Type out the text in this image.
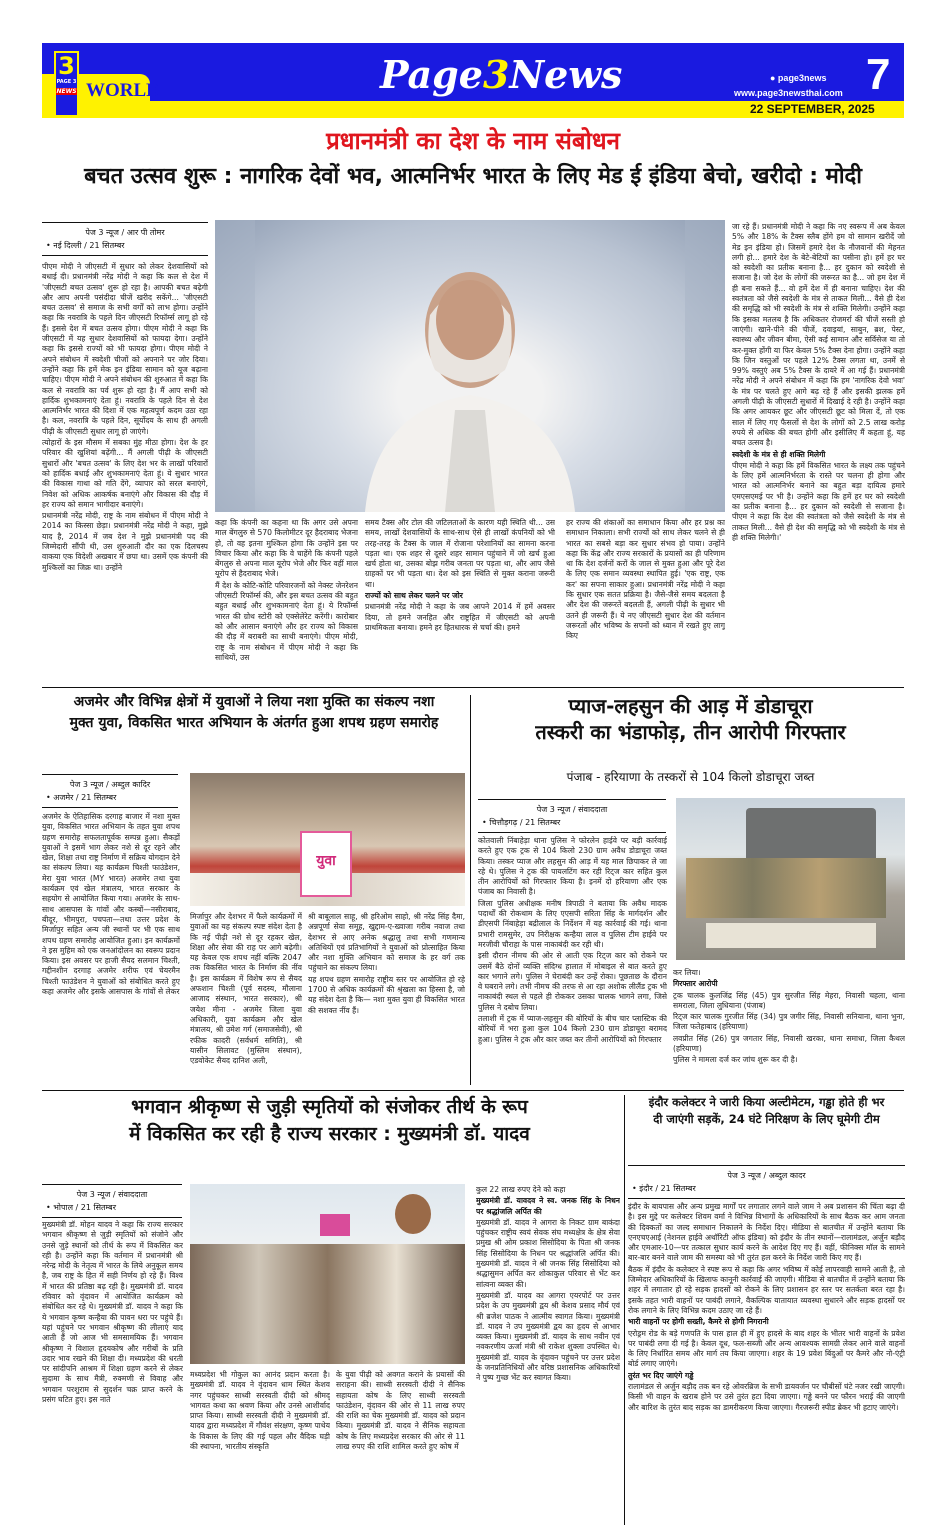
3
PAGE 3
NEWS WORLD	Page3News	● page3news
www.page3newsthai.com 7
22 SEPTEMBER, 2025
प्रधानमंत्री का देश के नाम संबोधन
बचत उत्सव शुरू : नागरिक देवों भव, आत्मनिर्भर भारत के लिए मेड ई इंडिया बेचो, खरीदो : मोदी
पेज 3 न्यूज / आर पी तोमर
• नई दिल्ली / 21 सितम्बर

पीएम मोदी ने जीएसटी में सुधार को लेकर देशवासियों को बधाई दी। प्रधानमंत्री नरेंद्र मोदी ने कहा कि कल से देश में 'जीएसटी बचत उत्सव' शुरू हो रहा है। आपकी बचत बढ़ेगी और आप अपनी पसंदीदा चीजें खरीद सकेंगे... 'जीएसटी बचत उत्सव' से समाज के सभी वर्गों को लाभ होगा। उन्होंने कहा कि नवरात्रि के पहले दिन जीएसटी रिफॉर्म्स लागू हो रहे हैं। इससे देश में बचत उत्सव होगा। पीएम मोदी ने कहा कि जीएसटी में यह सुधार देशवासियों को फायदा देगा। उन्होंने कहा कि इससे राज्यों को भी फायदा होगा। पीएम मोदी ने अपने संबोधन में स्वदेशी चीजों को अपनाने पर जोर दिया। उन्होंने कहा कि हमें मेक इन इंडिया सामान को यूज बढ़ाना चाहिए। पीएम मोदी ने अपने संबोधन की शुरुआत में कहा कि कल से नवरात्रि का पर्व शुरू हो रहा है। मैं आप सभी को हार्दिक शुभकामनाएं देता हूं। नवरात्रि के पहले दिन से देश आत्मनिर्भर भारत की दिशा में एक महत्वपूर्ण कदम उठा रहा है। कल, नवरात्रि के पहले दिन, सूर्योदय के साथ ही अगली पीढ़ी के जीएसटी सुधार लागू हो जाएंगे।

त्योहारों के इस मौसम में सबका मुंह मीठा होगा। देश के हर परिवार की खुशियां बढ़ेंगी... मैं अगली पीढ़ी के जीएसटी सुधारों और 'बचत उत्सव' के लिए देश भर के लाखों परिवारों को हार्दिक बधाई और शुभकामनाएं देता हूं। ये सुधार भारत की विकास गाथा को गति देंगे, व्यापार को सरल बनाएंगे, निवेश को अधिक आकर्षक बनाएंगे और विकास की दौड़ में हर राज्य को समान भागीदार बनाएंगे।

प्रधानमंत्री नरेंद्र मोदी, राष्ट्र के नाम संबोधन में पीएम मोदी ने 2014 का किस्सा छेड़ा। प्रधानमंत्री नरेंद्र मोदी ने कहा, मुझे याद है, 2014 में जब देश ने मुझे प्रधानमंत्री पद की जिम्मेदारी सौंपी थी, उस शुरुआती दौर का एक दिलचस्प वाकया एक विदेशी अखबार में छपा था। उसमें एक कंपनी की मुश्किलों का जिक्र था। उन्होंने

कहा कि कंपनी का कहना था कि अगर उसे अपना माल बेंगलुरु से 570 किलोमीटर दूर हैदराबाद भेजना हो, तो वह इतना मुश्किल होगा कि उन्होंने इस पर विचार किया और कहा कि वे चाहेंगे कि कंपनी पहले बेंगलुरु से अपना माल यूरोप भेजे और फिर वहीं माल यूरोप से हैदराबाद भेजे।

मैं देश के कोटि-कोटि परिवारजनों को नेक्स्ट जेनरेशन जीएसटी रिफॉर्म्स की, और इस बचत उत्सव की बहुत बहुत बधाई और शुभकामनाएं देता हूं। ये रिफॉर्म्स भारत की ग्रोथ स्टोरी को एक्सेलेरेट करेंगी। कारोबार को और आसान बनाएंगे और हर राज्य को विकास की दौड़ में बराबरी का साथी बनाएंगे। पीएम मोदी, राष्ट्र के नाम संबोधन में पीएम मोदी ने कहा कि साथियों, उस

समय टैक्स और टोल की जटिलताओं के कारण यही स्थिति थी... उस समय, लाखों देशवासियों के साथ-साथ ऐसे ही लाखों कंपनियों को भी तरह-तरह के टैक्स के जाल में रोजाना परेशानियों का सामना करना पड़ता था। एक शहर से दूसरे शहर सामान पहुंचाने में जो खर्च हुआ खर्च होता था, उसका बोझ गरीब जनता पर पड़ता था, और आप जैसे ग्राहकों पर भी पड़ता था। देश को इस स्थिति से मुक्त कराना जरूरी था।

राज्यों को साथ लेकर चलने पर जोर

प्रधानमंत्री नरेंद्र मोदी ने कहा के जब आपने 2014 में हमें अवसर दिया, तो हमने जनहित और राष्ट्रहित में जीएसटी को अपनी प्राथमिकता बनाया। हमने हर हितधारक से चर्चा की। हमने

हर राज्य की शंकाओं का समाधान किया और हर प्रश्न का समाधान निकाला। सभी राज्यों को साथ लेकर चलने से ही भारत का सबसे बड़ा कर सुधार संभव हो पाया। उन्होंने कहा कि केंद्र और राज्य सरकारों के प्रयासों का ही परिणाम था कि देश दर्जनों करों के जाल से मुक्त हुआ और पूरे देश के लिए एक समान व्यवस्था स्थापित हुई। 'एक राष्ट्र, एक कर' का सपना साकार हुआ। प्रधानमंत्री नरेंद्र मोदी ने कहा कि सुधार एक सतत प्रक्रिया है। जैसे-जैसे समय बदलता है और देश की जरूरतें बदलती हैं, अगली पीढ़ी के सुधार भी उतने ही जरूरी हैं। ये नए जीएसटी सुधार देश की वर्तमान जरूरतों और भविष्य के सपनों को ध्यान में रखते हुए लागू किए

जा रहे हैं। प्रधानमंत्री मोदी ने कहा कि नए स्वरूप में अब केवल 5% और 18% के टैक्स स्लैब होंगे हम वो सामान खरीदें जो मेड इन इंडिया हो। जिसमें हमारे देश के नौजवानों की मेहनत लगी हो... हमारे देश के बेटे-बेटियों का पसीना हो। हमें हर घर को स्वदेशी का प्रतीक बनाना है... हर दुकान को स्वदेशी से सजाना है। जो देश के लोगों की जरूरत का है... जो हम देश में ही बना सकते हैं... वो हमें देश में ही बनाना चाहिए। देश की स्वतंत्रता को जैसे स्वदेशी के मंत्र से ताकत मिली... वैसे ही देश की समृद्धि को भी स्वदेशी के मंत्र से शक्ति मिलेगी। उन्होंने कहा कि इसका मतलब है कि अधिकतर रोजमर्रा की चीजें सस्ती हो जाएंगी। खाने-पीने की चीजें, दवाइयां, साबुन, ब्रश, पेस्ट, स्वास्थ्य और जीवन बीमा, ऐसी कई सामान और सर्विसेज या तो कर-मुक्त होंगी या फिर केवल 5% टैक्स देना होगा। उन्होंने कहा कि जिन वस्तुओं पर पहले 12% टैक्स लगता था, उनमें से 99% वस्तुएं अब 5% टैक्स के दायरे में आ गई हैं। प्रधानमंत्री नरेंद्र मोदी ने अपने संबोधन में कहा कि हम 'नागरिक देवो भवः' के मंत्र पर चलते हुए आगे बढ़ रहे हैं और इसकी झलक हमें अगली पीढ़ी के जीएसटी सुधारों में दिखाई दे रही है। उन्होंने कहा कि अगर आयकर छूट और जीएसटी छूट को मिला दें, तो एक साल में लिए गए फैसलों से देश के लोगों को 2.5 लाख करोड़ रुपये से अधिक की बचत होगी और इसीलिए मैं कहता हूं, यह बचत उत्सव है।

स्वदेशी के मंत्र से ही शक्ति मिलेगी

पीएम मोदी ने कहा कि हमें विकसित भारत के लक्ष्य तक पहुंचने के लिए हमें आत्मनिर्भरता के रास्ते पर चलना ही होगा और भारत को आत्मनिर्भर बनाने का बहुत बड़ा दायित्व हमारे एमएसएमई पर भी है। उन्होंने कहा कि हमें हर घर को स्वदेशी का प्रतीक बनाना है... हर दुकान को स्वदेशी से सजाना है। पीएम ने कहा कि देश की स्वतंत्रता को जैसे स्वदेशी के मंत्र से ताकत मिली... वैसे ही देश की समृद्धि को भी स्वदेशी के मंत्र से ही शक्ति मिलेगी।'

अजमेर और विभिन्न क्षेत्रों में युवाओं ने लिया नशा मुक्ति का संकल्प नशा
मुक्त युवा, विकसित भारत अभियान के अंतर्गत हुआ शपथ ग्रहण समारोह
पेज 3 न्यूज / अब्दुल कादिर
• अजमेर / 21 सितम्बर

अजमेर के ऐतिहासिक दरगाह बाजार में नशा मुक्त युवा, विकसित भारत अभियान के तहत युवा शपथ ग्रहण समारोह सफलतापूर्वक सम्पन्न हुआ। सैकड़ों युवाओं ने इसमें भाग लेकर नशे से दूर रहने और खेल, शिक्षा तथा राष्ट्र निर्माण में सक्रिय योगदान देने का संकल्प लिया। यह कार्यक्रम चिश्ती फाउंडेशन, मेरा युवा भारत (MY भारत) अजमेर तथा युवा कार्यक्रम एवं खेल मंत्रालय, भारत सरकार के सहयोग से आयोजित किया गया। अजमेर के साथ-साथ आसपास के गांवों और कस्बों—नसीराबाद, बीदूर, भीमपुरा, पचपता—तथा उत्तर प्रदेश के मिर्जापुर सहित अन्य जी स्थानों पर भी एक साथ शपथ ग्रहण समारोह आयोजित हुआ। इन कार्यक्रमों ने इस मुहिम को एक जनआंदोलन का स्वरूप प्रदान किया। इस अवसर पर हाजी सैयद सलमान चिश्ती, गद्दीनशीन दरगाह अजमेर शरीफ एवं चेयरमैन चिश्ती फाउंडेशन ने युवाओं को संबोधित करते हुए कहा अजमेर और इसके आसपास के गांवों से लेकर

युवा

मिर्जापुर और देशभर में फैले कार्यक्रमों में युवाओं का यह संकल्प स्पष्ट संदेश देता है कि नई पीढ़ी नशे से दूर रहकर खेल, शिक्षा और सेवा की राह पर आगे बढ़ेगी। यह केवल एक शपथ नहीं बल्कि 2047 तक विकसित भारत के निर्माण की नींव है। इस कार्यक्रम में विशेष रूप से सैयद अफशान चिश्ती (पूर्व सदस्य, मौलाना आजाद संस्थान, भारत सरकार), श्री जयेश मीना - अजमेर जिला युवा अधिकारी, युवा कार्यक्रम और खेल मंत्रालय, श्री उमेश गर्ग (समाजसेवी), श्री रफीक कादरी (सर्वधर्म समिति), श्री यासीन सिलावट (मुस्लिम संस्थान), एडवोकेट सैयद दानिश अली,

श्री बाबूलाल साहू, श्री हरिओम साहो, श्री नरेंद्र सिंह दैमा, अन्नपूर्णा सेवा समूह, खुद्दाम-ए-ख्वाजा गरीब नवाज तथा देशभर से आए अनेक श्रद्धालु तथा सभी गणमान्य अतिथियों एवं प्रतिभागियों ने युवाओं को प्रोत्साहित किया और नशा मुक्ति अभियान को समाज के हर वर्ग तक पहुंचाने का संकल्प लिया।

यह शपथ ग्रहण समारोह राष्ट्रीय स्तर पर आयोजित हो रहे 1700 से अधिक कार्यक्रमों की श्रृंखला का हिस्सा है, जो यह संदेश देता है कि— नशा मुक्त युवा ही विकसित भारत की सशक्त नींव हैं।

प्याज-लहसुन की आड़ में डोडाचूरा
तस्करी का भंडाफोड़, तीन आरोपी गिरफ्तार
पंजाब - हरियाणा के तस्करों से 104 किलो डोडाचूरा जब्त
पेज 3 न्यूज / संवाददाता
• चित्तौड़गढ़ / 21 सितम्बर

कोतवाली निंबाहेड़ा थाना पुलिस ने फोरलेन हाईवे पर बड़ी कार्रवाई करते हुए एक ट्रक से 104 किलो 230 ग्राम अवैध डोडाचूरा जब्त किया। तस्कर प्याज और लहसुन की आड़ में यह माल छिपाकर ले जा रहे थे। पुलिस ने ट्रक की पायलटिंग कर रही रिट्ज कार सहित कुल तीन आरोपियों को गिरफ्तार किया है। इनमें दो हरियाणा और एक पंजाब का निवासी है।

जिला पुलिस अधीक्षक मनीष त्रिपाठी ने बताया कि अवैध मादक पदार्थों की रोकथाम के लिए एएसपी सरिता सिंह के मार्गदर्शन और डीएसपी निंबाहेड़ा बद्रीलाल के निर्देशन में यह कार्रवाई की गई। थाना प्रभारी रामसुमेर, उप निरीक्षक कन्हैया लाल व पुलिस टीम हाईवे पर मरजीवी चौराहा के पास नाकाबंदी कर रही थी।

इसी दौरान नीमच की ओर से आती एक रिट्ज कार को रोकने पर उसमें बैठे दोनों व्यक्ति संदिग्ध हालात में मोबाइल से बात करते हुए कार भगाने लगे। पुलिस ने घेराबंदी कर उन्हें रोका। पूछताछ के दौरान वे घबराने लगे। तभी नीमच की तरफ से आ रहा अशोक लीलैंड ट्रक भी नाकाबंदी स्थल से पहले ही रोककर उसका चालक भागने लगा, जिसे पुलिस ने दबोच लिया।

तलाशी में ट्रक में प्याज-लहसुन की बोरियों के बीच चार प्लास्टिक की बोरियों में भरा हुआ कुल 104 किलो 230 ग्राम डोडाचूरा बरामद हुआ। पुलिस ने ट्रक और कार जब्त कर तीनों आरोपियों को गिरफ्तार

कर लिया।

गिरफ्तार आरोपी

ट्रक चालक कुलजिंद्र सिंह (45) पुत्र सुरजीत सिंह मेहरा, निवासी चहला, थाना समराला, जिला लुधियाना (पंजाब)

रिट्ज कार चालक गुरजीत सिंह (34) पुत्र जगीर सिंह, निवासी सनियाना, थाना भुना, जिला फतेहाबाद (हरियाणा)

लवप्रीत सिंह (26) पुत्र जगतार सिंह, निवासी खरका, थाना समाधा, जिला कैथल (हरियाणा)

पुलिस ने मामला दर्ज कर जांच शुरू कर दी है।

भगवान श्रीकृष्ण से जुड़ी स्मृतियों को संजोकर तीर्थ के रूप
में विकसित कर रही है राज्य सरकार : मुख्यमंत्री डॉ. यादव
पेज 3 न्यूज / संवाददाता
• भोपाल / 21 सितम्बर

मुख्यमंत्री डॉ. मोहन यादव ने कहा कि राज्य सरकार भगवान श्रीकृष्ण से जुड़ी स्मृतियों को संजोने और उनसे जुड़े स्थानों को तीर्थ के रूप में विकसित कर रही है। उन्होंने कहा कि वर्तमान में प्रधानमंत्री श्री नरेन्द्र मोदी के नेतृत्व में भारत के लिये अनुकूल समय है, जब राष्ट्र के हित में सही निर्णय हो रहे हैं। विश्व में भारत की प्रतिष्ठा बढ़ रही है। मुख्यमंत्री डॉ. यादव रविवार को वृंदावन में आयोजित कार्यक्रम को संबोधित कर रहे थे। मुख्यमंत्री डॉ. यादव ने कहा कि ये भगवान कृष्ण कन्हैया की पावन धरा पर पहुंचे हैं। यहां पहुंचने पर भगवान श्रीकृष्ण की लीलाएं याद आती हैं जो आज भी समसामयिक हैं। भगवान श्रीकृष्ण ने विशाल हृदयकोष और गरीबों के प्रति उदार भाव रखने की शिक्षा दी। मध्यप्रदेश की धरती पर सांदीपनि आश्रम में शिक्षा ग्रहण करने से लेकर सुदामा के साथ मैत्री, रुक्मणी से विवाह और भगवान परशुराम से सुदर्शन चक्र प्राप्त करने के प्रसंग घटित हुए। इस नाते

मध्यप्रदेश भी गोकुल का आनंद प्रदान करता है। मुख्यमंत्री डॉ. यादव ने वृंदावन धाम स्थित केशव नगर पहुंचकर साध्वी सरस्वती दीदी को श्रीमद् भागवत कथा का श्रवण किया और उनसे आशीर्वाद प्राप्त किया। साध्वी सरस्वती दीदी ने मुख्यमंत्री डॉ. यादव द्वारा मध्यप्रदेश में गौवंश संरक्षण, कृष्ण पाथेय के विकास के लिए की गई पहल और वैदिक घड़ी की स्थापना, भारतीय संस्कृति

के युवा पीढ़ी को अवगत कराने के प्रयासों की सराहना की। साध्वी सरस्वती दीदी ने सैनिक सहायता कोष के लिए साध्वी सरस्वती फाउंडेशन, वृंदावन की ओर से 11 लाख रुपए की राशि का चेक मुख्यमंत्री डॉ. यादव को प्रदान किया। मुख्यमंत्री डॉ. यादव ने सैनिक सहायता कोष के लिए मध्यप्रदेश सरकार की ओर से 11 लाख रुपए की राशि शामिल करते हुए कोष में

कुल 22 लाख रुपए देने को कहा

मुख्यमंत्री डॉ. यावदव ने स्व. जनक सिंह के निधन पर श्रद्धांजलि अर्पित की

मुख्यमंत्री डॉ. यादव ने आगरा के निकट ग्राम बाकंदा पहुंचकर राष्ट्रीय स्वयं सेवक संघ मध्यक्षेत्र के क्षेत्र सेवा प्रमुख श्री ओम प्रकाश सिसोदिया के पिता श्री जनक सिंह सिसोदिया के निधन पर श्रद्धांजलि अर्पित की। मुख्यमंत्री डॉ. यादव ने श्री जनक सिंह सिसोदिया को श्रद्धासुमन अर्पित कर शोकाकुल परिवार से भेंट कर सांत्वना व्यक्त की।

मुख्यमंत्री डॉ. यादव का आगरा एयरपोर्ट पर उत्तर प्रदेश के उप मुख्यमंत्री द्वय श्री केशव प्रसाद मौर्य एवं श्री ब्रजेश पाठक ने आत्मीय स्वागत किया। मुख्यमंत्री डॉ. यादव ने उप मुख्यमंत्री द्वय का हृदय से आभार व्यक्त किया। मुख्यमंत्री डॉ. यादव के साथ नवीन एवं नवकरणीय ऊर्जा मंत्री श्री राकेश शुक्ला उपस्थित थे। मुख्यमंत्री डॉ. यादव के वृंदावन पहुंचने पर उत्तर प्रदेश के जनप्रतिनिधियों और वरिष्ठ प्रशासनिक अधिकारियों ने पुष्प गुच्छ भेंट कर स्वागत किया।

इंदौर कलेक्टर ने जारी किया अल्टीमेटम, गड्ढा होते ही भर
दी जाएंगी सड़कें, 24 घंटे निरिक्षण के लिए घूमेगी टीम
पेज 3 न्यूज / अब्दुल कादर
• इंदौर / 21 सितम्बर

इंदौर के बायपास और अन्य प्रमुख मार्गों पर लगातार लगने वाले जाम ने अब प्रशासन की चिंता बढ़ा दी है। इस मुद्दे पर कलेक्टर शिवम वर्मा ने विभिन्न विभागों के अधिकारियों के साथ बैठक कर आम जनता की दिक्कतों का जल्द समाधान निकालने के निर्देश दिए। मीडिया से बातचीत में उन्होंने बताया कि एनएचएआई (नेशनल हाईवे अथॉरिटी ऑफ इंडिया) को इंदौर के तीन स्थानों—रालामंडल, अर्जुन बड़ौद और एमआर-10—पर तत्काल सुधार कार्य करने के आदेश दिए गए हैं। वहीं, फीनिक्स मॉल के सामने बार-बार बनने वाले जाम की समस्या को भी तुरंत हल करने के निर्देश जारी किए गए हैं।

बैठक में इंदौर के कलेक्टर ने स्पष्ट रूप से कहा कि अगर भविष्य में कोई लापरवाही सामने आती है, तो जिम्मेदार अधिकारियों के खिलाफ कानूनी कार्रवाई की जाएगी। मीडिया से बातचीत में उन्होंने बताया कि शहर में लगातार हो रहे सड़क हादसों को रोकने के लिए प्रशासन हर स्तर पर सतर्कता बरत रहा है। इसके तहत भारी वाहनों पर पाबंदी लगाने, वैकल्पिक यातायात व्यवस्था सुधारने और सड़क हादसों पर रोक लगाने के लिए विभिन्न कदम उठाए जा रहे हैं।

भारी वाहनों पर होगी सख्ती, कैमरे से होगी निगरानी

एरोड्रम रोड के बड़े गणपति के पास हाल ही में हुए हादसे के बाद शहर के भीतर भारी वाहनों के प्रवेश पर पाबंदी लगा दी गई है। केवल दूध, फल-सब्जी और अन्य आवश्यक सामग्री लेकर आने वाले वाहनों के लिए निर्धारित समय और मार्ग तय किया जाएगा। शहर के 19 प्रवेश बिंदुओं पर कैमरे और नो-एंट्री बोर्ड लगाए जाएंगे।

तुरंत भर दिए जाएंगे गड्ढे

रालामंडल से अर्जुन बड़ौद तक बन रहे ओवरब्रिज के सभी डायवर्जन पर चौबीसों घंटे नजर रखी जाएगी। किसी भी वाहन के खराब होने पर उसे तुरंत हटा दिया जाएगा। गड्ढे बनने पर फौरन भराई की जाएगी और बारिश के तुरंत बाद सड़क का डामरीकरण किया जाएगा। गैरजरूरी स्पीड ब्रेकर भी हटाए जाएंगे।
